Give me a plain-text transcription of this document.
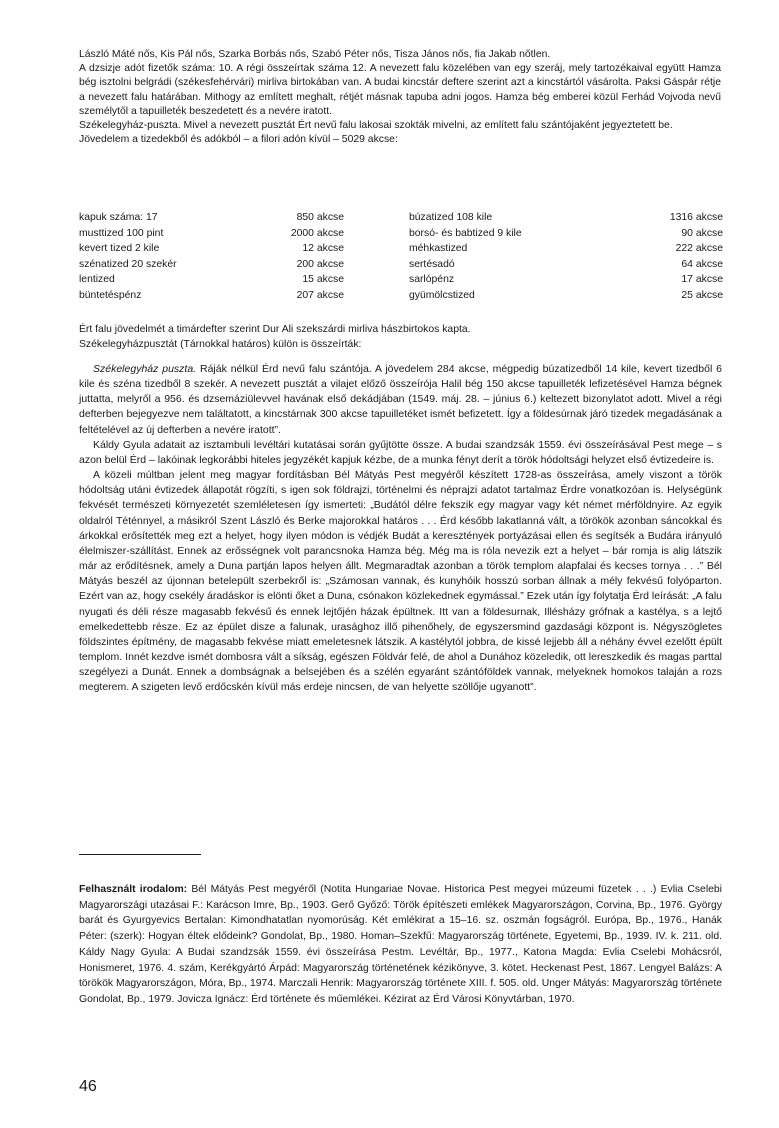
László Máté nős, Kis Pál nős, Szarka Borbás nős, Szabó Péter nős, Tisza János nős, fia Jakab nőtlen.

A dzsizje adót fizetők száma: 10. A régi összeírtak száma 12. A nevezett falu közelében van egy szeráj, mely tartozékaival együtt Hamza bég isztolni belgrádi (székesfehérvári) mirliva birtokában van. A budai kincstár deftere szerint azt a kincstártól vásárolta. Paksi Gáspár rétje a nevezett falu határában. Mithogy az említett meghalt, rétjét másnak tapuba adni jogos. Hamza bég emberei közül Ferhád Vojvoda nevű személytől a tapuilleték beszedetett és a nevére iratott.

Székelegyház-puszta. Mivel a nevezett pusztát Ért nevű falu lakosai szokták mivelni, az említett falu szántójaként jegyeztetett be.

Jövedelem a tizedekből és adókból – a filori adón kívül – 5029 akcse:

kapuk száma: 17	850 akcse	búzatized 108 kile	1316 akcse
musttized 100 pint	2000 akcse	borsó- és babtized 9 kile	90 akcse
kevert tized 2 kile	12 akcse	méhkastized	222 akcse
szénatized 20 szekér	200 akcse	sertésadó	64 akcse
lentized	15 akcse	sarlópénz	17 akcse
büntetéspénz	207 akcse	gyümölcstized	25 akcse

Ért falu jövedelmét a timárdefter szerint Dur Ali szekszárdi mirliva hászbirtokos kapta.

Székelegyházpusztát (Tárnokkal határos) külön is összeírták:

Székelegyház puszta. Ráják nélkül Érd nevű falu szántója. A jövedelem 284 akcse, mégpedig búzatizedből 14 kile, kevert tizedből 6 kile és széna tizedből 8 szekér. A nevezett pusztát a vilajet előző összeírója Halil bég 150 akcse tapuilleték lefizetésével Hamza bégnek juttatta, melyről a 956. és dzsemáziülevvel havának első dekádjában (1549. máj. 28. – június 6.) keltezett bizonylatot adott. Mivel a régi defterben bejegyezve nem találtatott, a kincstárnak 300 akcse tapuilletéket ismét befizetett. Így a földesúrnak járó tizedek megadásának a feltételével az új defterben a nevére iratott”.

Káldy Gyula adatait az isztambuli levéltári kutatásai során gyűjtötte össze. A budai szandzsák 1559. évi összeírásával Pest mege – s azon belül Érd – lakóinak legkorábbi hiteles jegyzékét kapjuk kézbe, de a munka fényt derít a török hódoltsági helyzet első évtizedeire is.

A közeli múltban jelent meg magyar fordításban Bél Mátyás Pest megyéről készített 1728-as összeírása, amely viszont a török hódoltság utáni évtizedek állapotát rögzíti, s igen sok földrajzi, történelmi és néprajzi adatot tartalmaz Érdre vonatkozóan is. Helységünk fekvését természeti környezetét szemléletesen így ismerteti: „Budától délre fekszik egy magyar vagy két német mérföldnyire. Az egyik oldalról Téténnyel, a másikról Szent László és Berke majorokkal határos . . . Érd később lakatlanná vált, a törökök azonban sáncokkal és árkokkal erősítették meg ezt a helyet, hogy ilyen módon is védjék Budát a keresztények portyázásai ellen és segítsék a Budára irányuló élelmiszer-szállítást. Ennek az erősségnek volt parancsnoka Hamza bég. Még ma is róla nevezik ezt a helyet – bár romja is alig látszik már az erődítésnek, amely a Duna partján lapos helyen állt. Megmaradtak azonban a török templom alapfalai és kecses tornya . . .” Bél Mátyás beszél az újonnan betelepült szerbekről is: „Számosan vannak, és kunyhóik hosszú sorban állnak a mély fekvésű folyóparton. Ezért van az, hogy csekély áradáskor is elönti őket a Duna, csónakon közlekednek egymással.” Ezek után így folytatja Érd leírását: „A falu nyugati és déli része magasabb fekvésű és ennek lejtőjén házak épültnek. Itt van a földesurnak, Illésházy grófnak a kastélya, s a lejtő emelkedettebb része. Ez az épület disze a falunak, urasághoz illő pihenőhely, de egyszersmind gazdasági központ is. Négyszögletes földszintes építmény, de magasabb fekvése miatt emeletesnek látszik. A kastélytól jobbra, de kissé lejjebb áll a néhány évvel ezelőtt épült templom. Innét kezdve ismét dombosra vált a síkság, egészen Földvár felé, de ahol a Dunához közeledik, ott lereszkedik és magas parttal szegélyezi a Dunát. Ennek a dombságnak a belsejében és a szélén egyaránt szántóföldek vannak, melyeknek homokos talaján a rozs megterem. A szigeten levő erdőcskén kívül más erdeje nincsen, de van helyette szöllője ugyanott”.

Felhasznált irodalom: Bél Mátyás Pest megyéről (Notita Hungariae Novae. Historica Pest megyei múzeumi füzetek . . .) Evlia Cselebi Magyarországi utazásai F.: Karácson Imre, Bp., 1903. Gerő Győző: Török építészeti emlékek Magyarországon, Corvina, Bp., 1976. György barát és Gyurgyevics Bertalan: Kimondhatatlan nyomorúság. Két emlékirat a 15–16. sz. oszmán fogságról. Európa, Bp., 1976., Hanák Péter: (szerk): Hogyan éltek elődeink? Gondolat, Bp., 1980. Homan–Szekfű: Magyarország története, Egyetemi, Bp., 1939. IV. k. 211. old. Káldy Nagy Gyula: A Budai szandzsák 1559. évi összeírása Pestm. Levéltár, Bp., 1977., Katona Magda: Evlia Cselebi Mohácsról, Honismeret, 1976. 4. szám, Kerékgyártó Árpád: Magyarország történetének kézikönyve, 3. kötet. Heckenast Pest, 1867. Lengyel Balázs: A törökök Magyarországon, Móra, Bp., 1974. Marczali Henrik: Magyarország története XIII. f. 505. old. Unger Mátyás: Magyarország története Gondolat, Bp., 1979. Jovicza Ignácz: Érd története és műemlékei. Kézirat az Érd Városi Könyvtárban, 1970.

46
